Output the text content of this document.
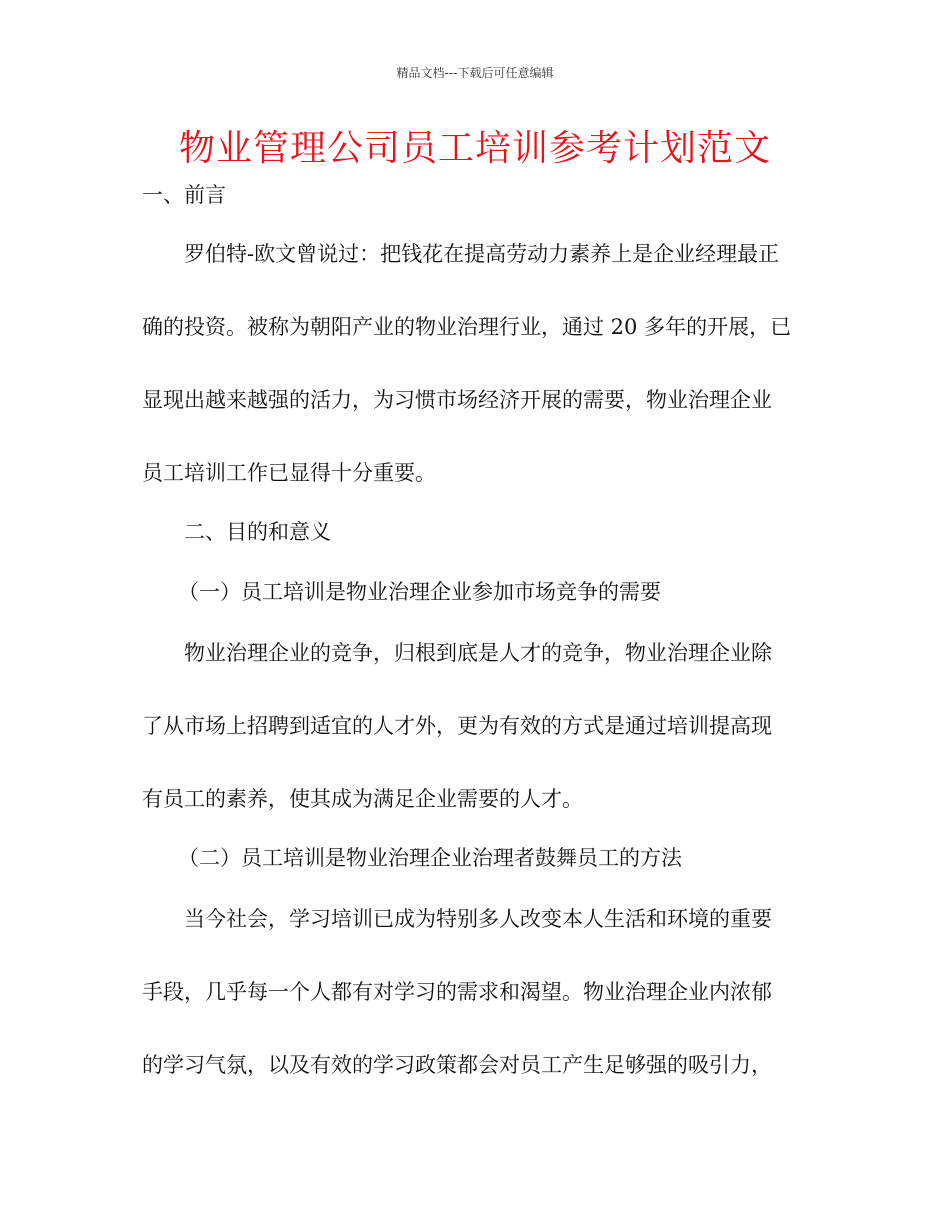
精品文档---下载后可任意编辑
物业管理公司员工培训参考计划范文
一、前言
罗伯特-欧文曾说过：把钱花在提高劳动力素养上是企业经理最正
确的投资。被称为朝阳产业的物业治理行业，通过 20 多年的开展，已
显现出越来越强的活力，为习惯市场经济开展的需要，物业治理企业
员工培训工作已显得十分重要。
二、目的和意义
（一）员工培训是物业治理企业参加市场竞争的需要
物业治理企业的竞争，归根到底是人才的竞争，物业治理企业除
了从市场上招聘到适宜的人才外，更为有效的方式是通过培训提高现
有员工的素养，使其成为满足企业需要的人才。
（二）员工培训是物业治理企业治理者鼓舞员工的方法
当今社会，学习培训已成为特别多人改变本人生活和环境的重要
手段，几乎每一个人都有对学习的需求和渴望。物业治理企业内浓郁
的学习气氛，以及有效的学习政策都会对员工产生足够强的吸引力，
